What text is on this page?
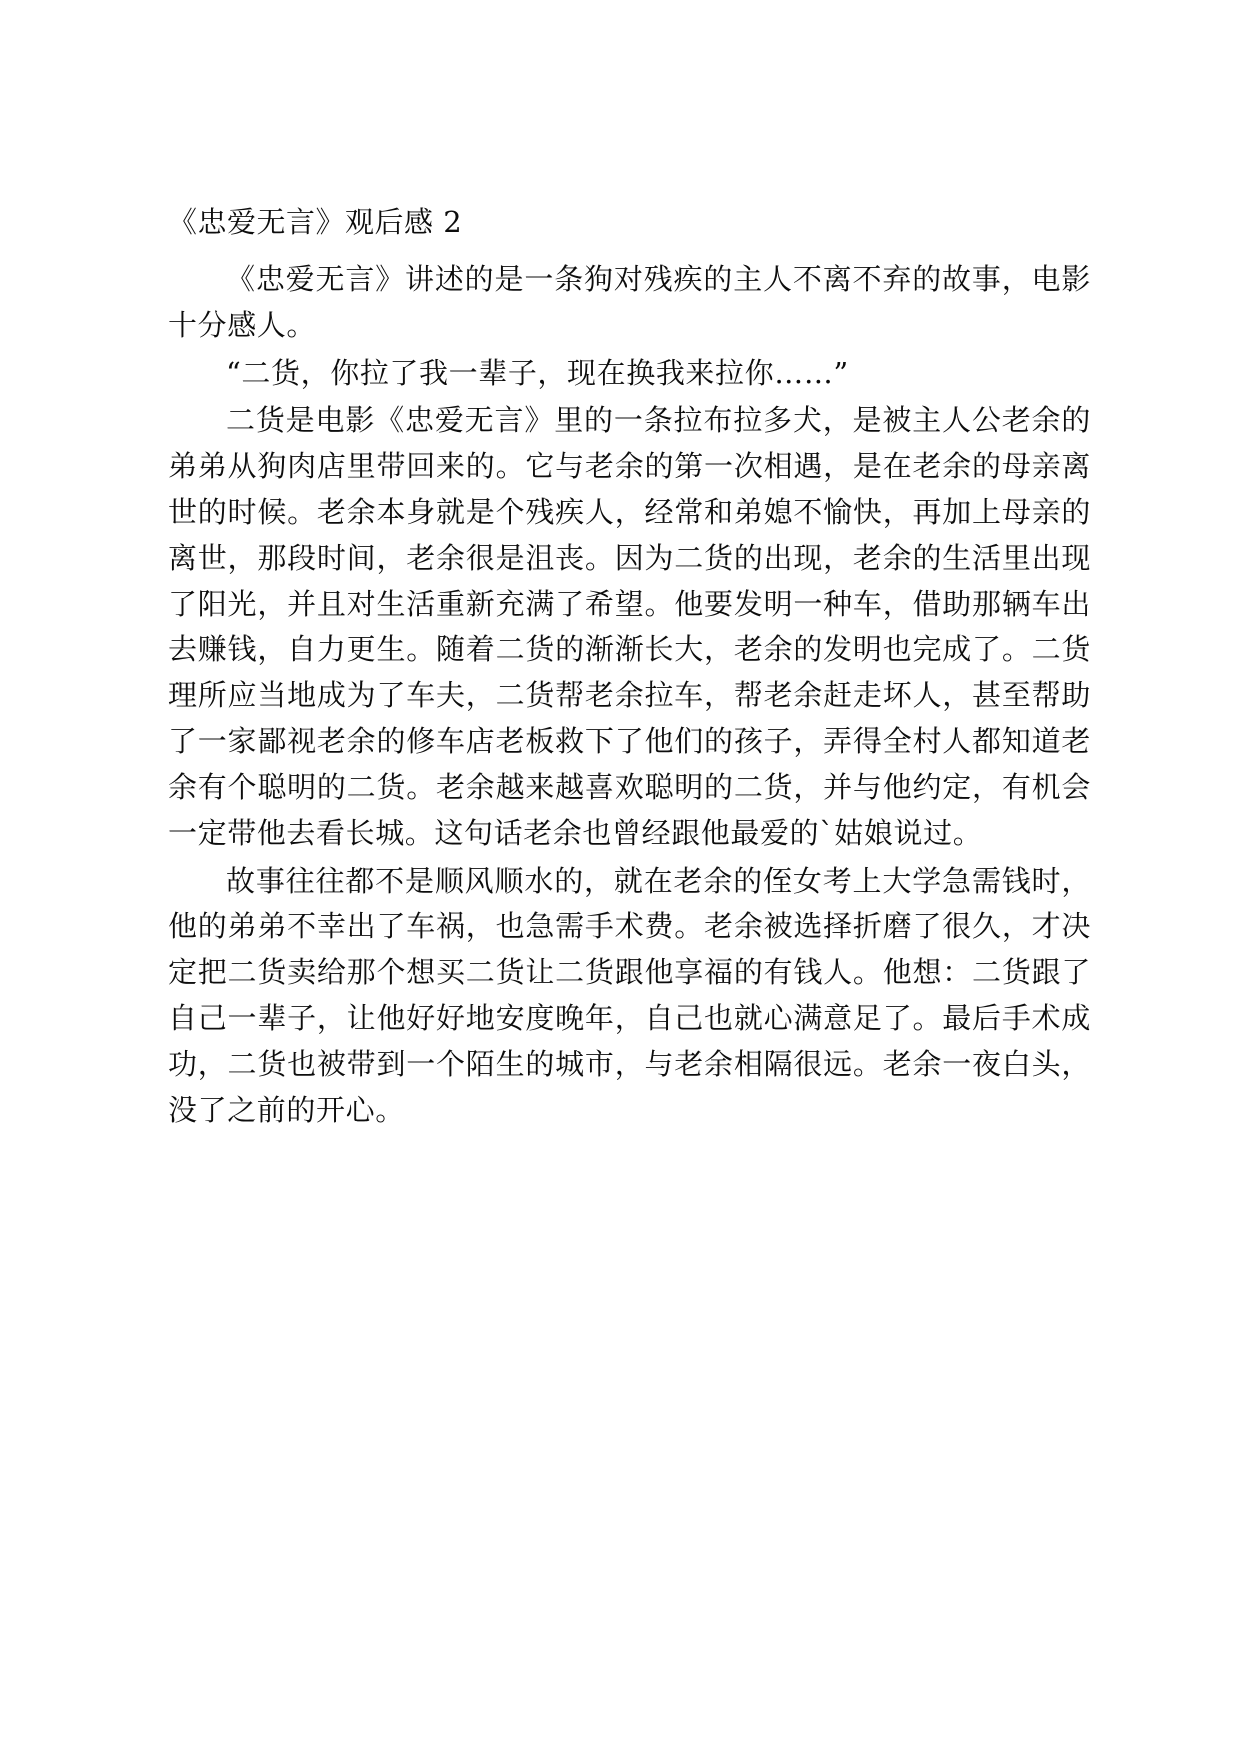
《忠爱无言》观后感 2

《忠爱无言》讲述的是一条狗对残疾的主人不离不弃的故事，电影十分感人。

“二货，你拉了我一辈子，现在换我来拉你……”

二货是电影《忠爱无言》里的一条拉布拉多犬，是被主人公老余的弟弟从狗肉店里带回来的。它与老余的第一次相遇，是在老余的母亲离世的时候。老余本身就是个残疾人，经常和弟媳不愉快，再加上母亲的离世，那段时间，老余很是沮丧。因为二货的出现，老余的生活里出现了阳光，并且对生活重新充满了希望。他要发明一种车，借助那辆车出去赚钱，自力更生。随着二货的渐渐长大，老余的发明也完成了。二货理所应当地成为了车夫，二货帮老余拉车，帮老余赶走坏人，甚至帮助了一家鄙视老余的修车店老板救下了他们的孩子，弄得全村人都知道老余有个聪明的二货。老余越来越喜欢聪明的二货，并与他约定，有机会一定带他去看长城。这句话老余也曾经跟他最爱的`姑娘说过。

故事往往都不是顺风顺水的，就在老余的侄女考上大学急需钱时，他的弟弟不幸出了车祸，也急需手术费。老余被选择折磨了很久，才决定把二货卖给那个想买二货让二货跟他享福的有钱人。他想：二货跟了自己一辈子，让他好好地安度晚年，自己也就心满意足了。最后手术成功，二货也被带到一个陌生的城市，与老余相隔很远。老余一夜白头，没了之前的开心。
